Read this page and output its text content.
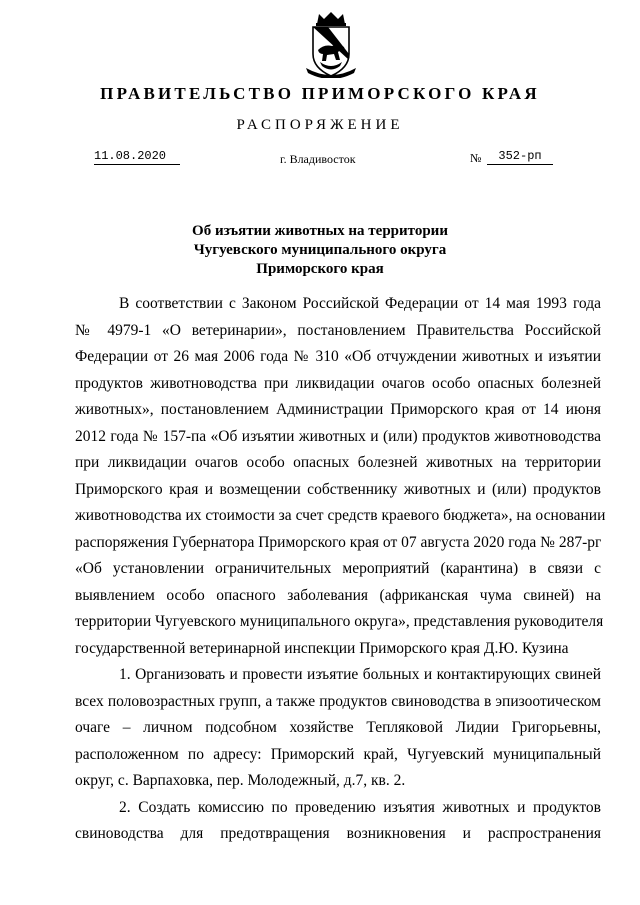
ПРАВИТЕЛЬСТВО ПРИМОРСКОГО КРАЯ
РАСПОРЯЖЕНИЕ
11.08.2020	г. Владивосток	№	352-рп
Об изъятии животных на территории
Чугуевского муниципального округа
Приморского края
В соответствии с Законом Российской Федерации от 14 мая 1993 года
№ 4979-1 «О ветеринарии», постановлением Правительства Российской
Федерации от 26 мая 2006 года № 310 «Об отчуждении животных и изъятии
продуктов животноводства при ликвидации очагов особо опасных болезней
животных», постановлением Администрации Приморского края от 14 июня
2012 года № 157-па «Об изъятии животных и (или) продуктов животноводства
при ликвидации очагов особо опасных болезней животных на территории
Приморского края и возмещении собственнику животных и (или) продуктов
животноводства их стоимости за счет средств краевого бюджета», на основании
распоряжения Губернатора Приморского края от 07 августа 2020 года № 287-рг
«Об установлении ограничительных мероприятий (карантина) в связи с
выявлением особо опасного заболевания (африканская чума свиней) на
территории Чугуевского муниципального округа», представления руководителя
государственной ветеринарной инспекции Приморского края Д.Ю. Кузина
1. Организовать и провести изъятие больных и контактирующих свиней
всех половозрастных групп, а также продуктов свиноводства в эпизоотическом
очаге – личном подсобном хозяйстве Тепляковой Лидии Григорьевны,
расположенном по адресу: Приморский край, Чугуевский муниципальный
округ, с. Варпаховка, пер. Молодежный, д.7, кв. 2.
2. Создать комиссию по проведению изъятия животных и продуктов
свиноводства для предотвращения возникновения и распространения
